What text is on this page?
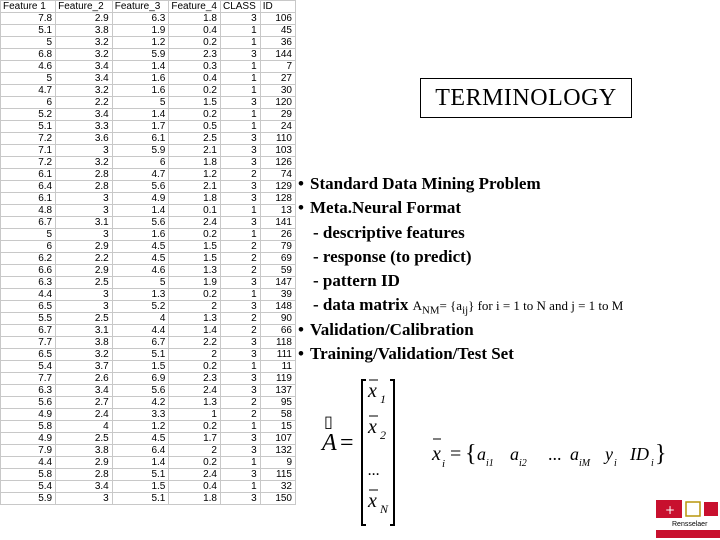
Feature 1	Feature_2	Feature_3	Feature_4	CLASS	ID
7.8	2.9	6.3	1.8	3	106
5.1	3.8	1.9	0.4	1	45
5	3.2	1.2	0.2	1	36
6.8	3.2	5.9	2.3	3	144
4.6	3.4	1.4	0.3	1	7
5	3.4	1.6	0.4	1	27
4.7	3.2	1.6	0.2	1	30
6	2.2	5	1.5	3	120
5.2	3.4	1.4	0.2	1	29
5.1	3.3	1.7	0.5	1	24
7.2	3.6	6.1	2.5	3	110
7.1	3	5.9	2.1	3	103
7.2	3.2	6	1.8	3	126
6.1	2.8	4.7	1.2	2	74
6.4	2.8	5.6	2.1	3	129
6.1	3	4.9	1.8	3	128
4.8	3	1.4	0.1	1	13
6.7	3.1	5.6	2.4	3	141
5	3	1.6	0.2	1	26
6	2.9	4.5	1.5	2	79
6.2	2.2	4.5	1.5	2	69
6.6	2.9	4.6	1.3	2	59
6.3	2.5	5	1.9	3	147
4.4	3	1.3	0.2	1	39
6.5	3	5.2	2	3	148
5.5	2.5	4	1.3	2	90
6.7	3.1	4.4	1.4	2	66
7.7	3.8	6.7	2.2	3	118
6.5	3.2	5.1	2	3	111
5.4	3.7	1.5	0.2	1	11
7.7	2.6	6.9	2.3	3	119
6.3	3.4	5.6	2.4	3	137
5.6	2.7	4.2	1.3	2	95
4.9	2.4	3.3	1	2	58
5.8	4	1.2	0.2	1	15
4.9	2.5	4.5	1.7	3	107
7.9	3.8	6.4	2	3	132
4.4	2.9	1.4	0.2	1	9
5.8	2.8	5.1	2.4	3	115
5.4	3.4	1.5	0.4	1	32
5.9	3	5.1	1.8	3	150
TERMINOLOGY
• Standard Data Mining Problem
• Meta.Neural Format
- descriptive features
- response (to predict)
- pattern ID
- data matrix $A_{NM}= \{a_{ij}\}$ for i = 1 to N and j = 1 to M
• Validation/Calibration
• Training/Validation/Test Set
▯
A =
x 1
x 2
...
x N
x i = {	}
a i1 a i2 ... a iM y i ID i
+
Rensselaer
